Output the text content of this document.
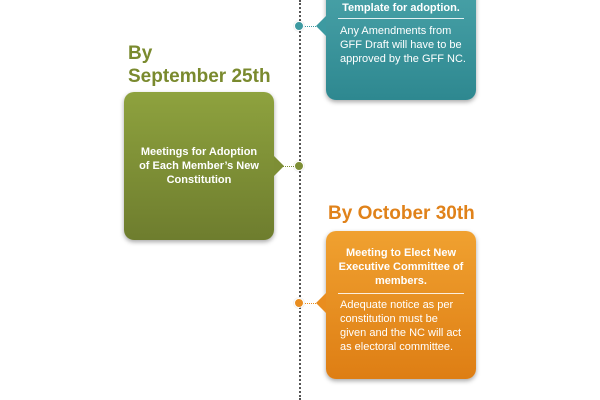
Template for adoption.

Any Amendments from GFF Draft will have to be approved by the GFF NC.

By
September 25th

Meetings for Adoption of Each Member’s New Constitution

By October 30th

Meeting to Elect New Executive Committee of members.

Adequate notice as per constitution must be given and the NC will act as electoral committee.
